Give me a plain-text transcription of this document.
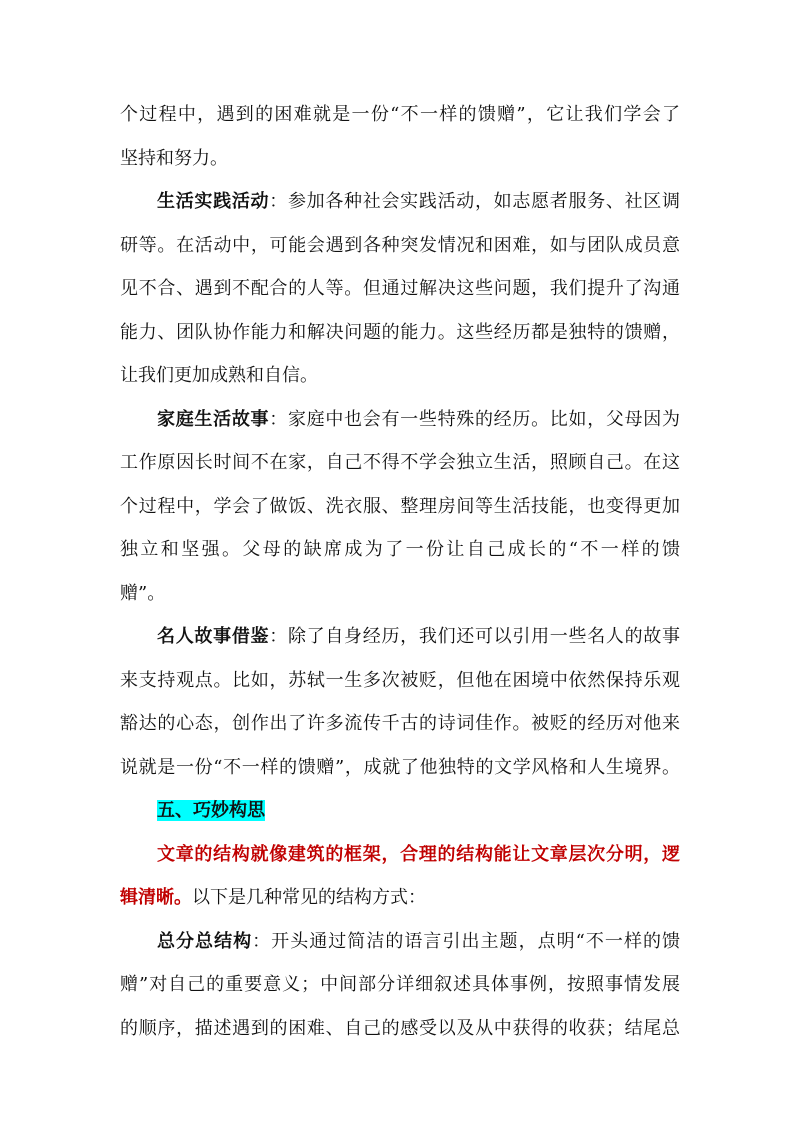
个过程中，遇到的困难就是一份“不一样的馈赠”，它让我们学会了
坚持和努力。
生活实践活动：参加各种社会实践活动，如志愿者服务、社区调
研等。在活动中，可能会遇到各种突发情况和困难，如与团队成员意
见不合、遇到不配合的人等。但通过解决这些问题，我们提升了沟通
能力、团队协作能力和解决问题的能力。这些经历都是独特的馈赠，
让我们更加成熟和自信。
家庭生活故事：家庭中也会有一些特殊的经历。比如，父母因为
工作原因长时间不在家，自己不得不学会独立生活，照顾自己。在这
个过程中，学会了做饭、洗衣服、整理房间等生活技能，也变得更加
独立和坚强。父母的缺席成为了一份让自己成长的“不一样的馈
赠”。
名人故事借鉴：除了自身经历，我们还可以引用一些名人的故事
来支持观点。比如，苏轼一生多次被贬，但他在困境中依然保持乐观
豁达的心态，创作出了许多流传千古的诗词佳作。被贬的经历对他来
说就是一份“不一样的馈赠”，成就了他独特的文学风格和人生境界。
五、巧妙构思
文章的结构就像建筑的框架，合理的结构能让文章层次分明，逻
辑清晰。以下是几种常见的结构方式：
总分总结构：开头通过简洁的语言引出主题，点明“不一样的馈
赠”对自己的重要意义；中间部分详细叙述具体事例，按照事情发展
的顺序，描述遇到的困难、自己的感受以及从中获得的收获；结尾总
